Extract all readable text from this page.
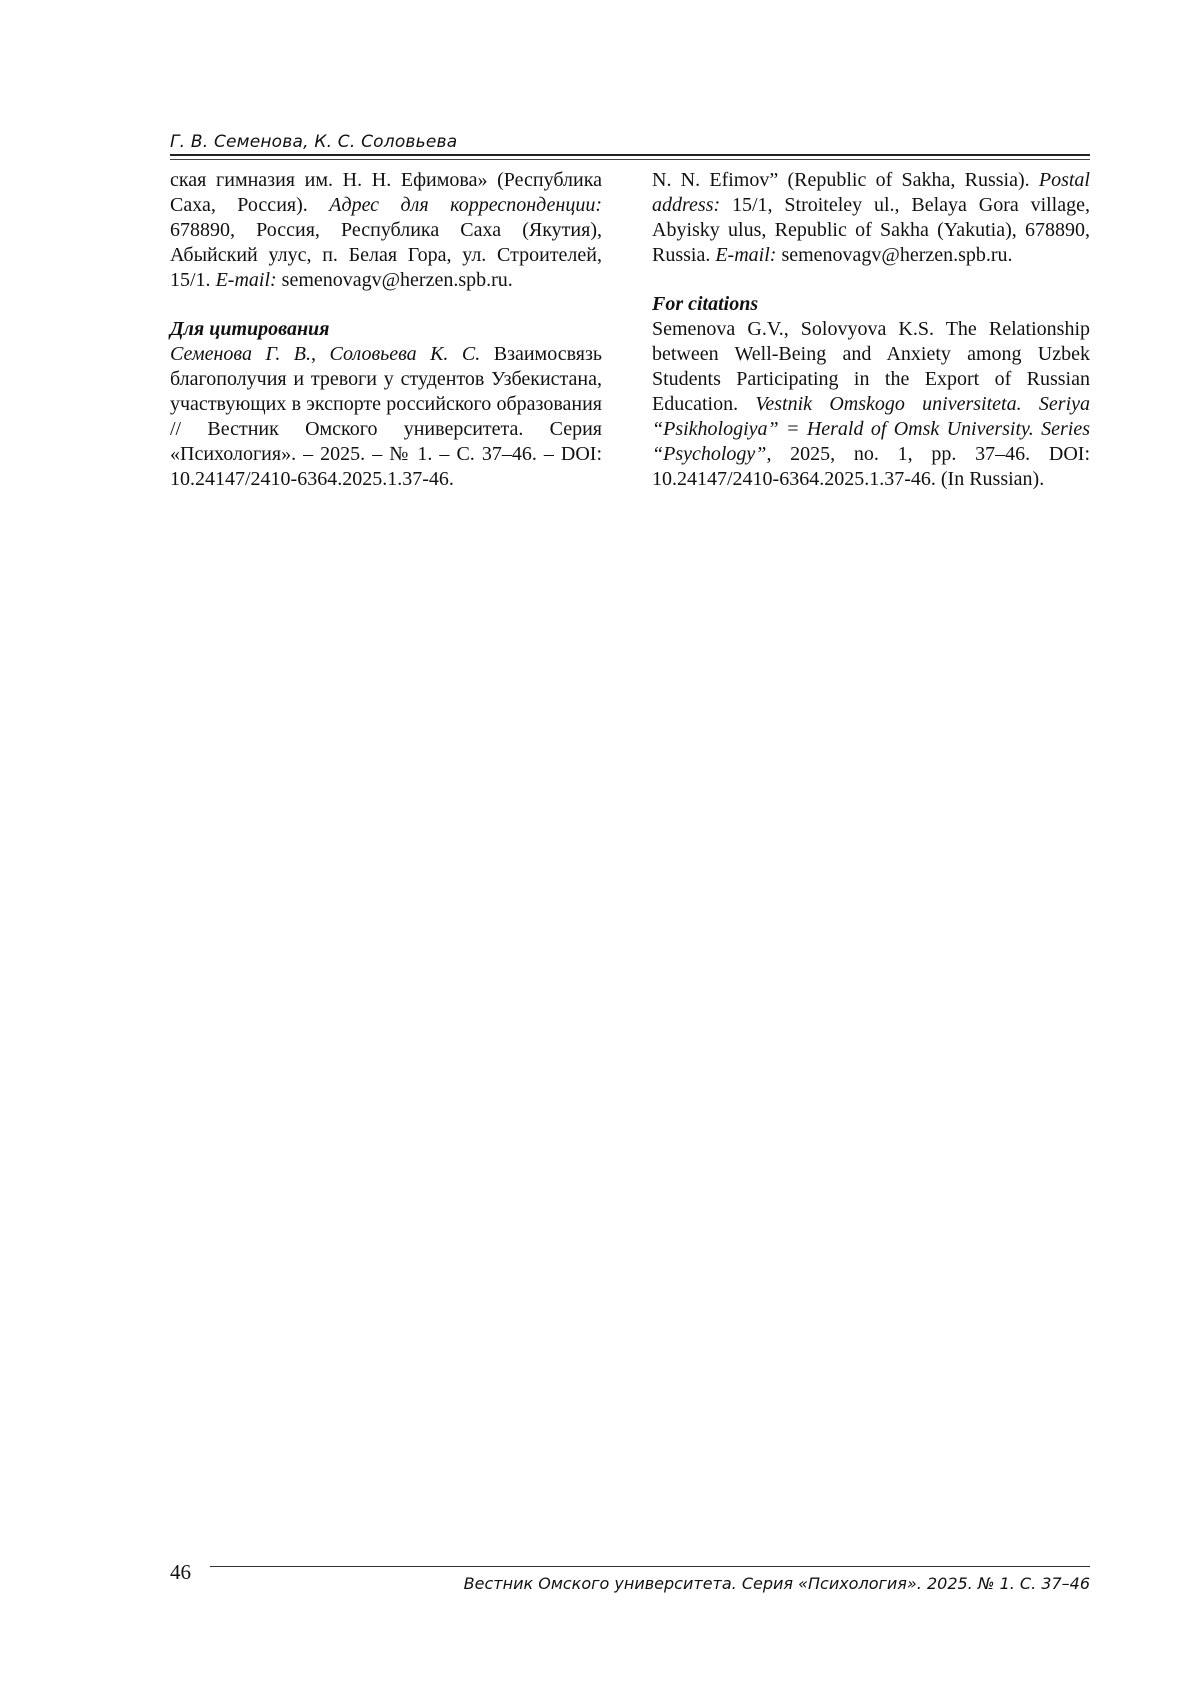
Г. В. Семенова, К. С. Соловьева

ская гимназия им. Н. Н. Ефимова» (Республика Саха, Россия). Адрес для корреспонденции: 678890, Россия, Республика Саха (Якутия), Абыйский улус, п. Белая Гора, ул. Строителей, 15/1. E-mail: semenovagv@herzen.spb.ru.

Для цитирования

Семенова Г. В., Соловьева К. С. Взаимосвязь благополучия и тревоги у студентов Узбекистана, участвующих в экспорте российского образования // Вестник Омского университета. Серия «Психология». – 2025. – № 1. – С. 37–46. – DOI: 10.24147/2410-6364.2025.1.37-46.

N. N. Efimov” (Republic of Sakha, Russia). Postal address: 15/1, Stroiteley ul., Belaya Gora village, Abyisky ulus, Republic of Sakha (Yakutia), 678890, Russia. E-mail: semenovagv@herzen.spb.ru.

For citations

Semenova G.V., Solovyova K.S. The Relationship between Well-Being and Anxiety among Uzbek Students Participating in the Export of Russian Education. Vestnik Omskogo universiteta. Seriya “Psikhologiya” = Herald of Omsk University. Series “Psychology”, 2025, no. 1, pp. 37–46. DOI: 10.24147/2410-6364.2025.1.37-46. (In Russian).

46	Вестник Омского университета. Серия «Психология». 2025. № 1. С. 37–46
